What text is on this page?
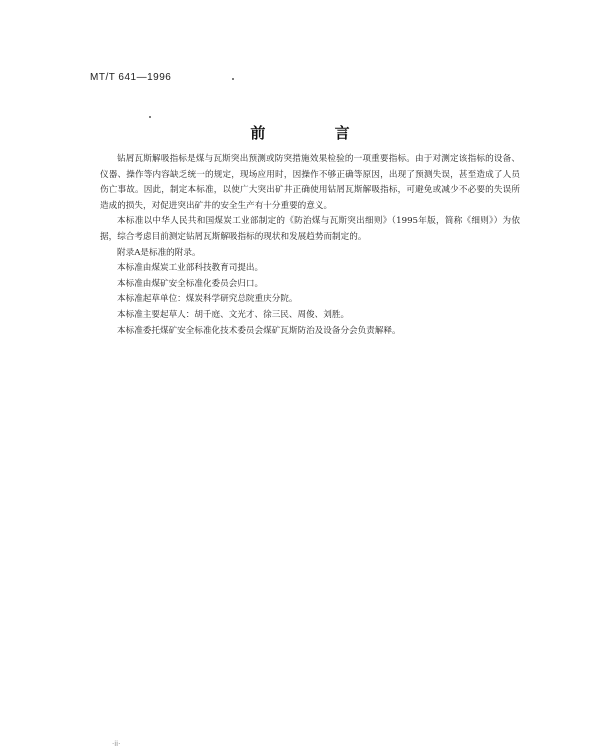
MT/T 641—1996
前 言

钻屑瓦斯解吸指标是煤与瓦斯突出预测或防突措施效果检验的一项重要指标。由于对测定该指标的设备、仪器、操作等内容缺乏统一的规定，现场应用时，因操作不够正确等原因，出现了预测失误，甚至造成了人员伤亡事故。因此，制定本标准，以使广大突出矿井正确使用钻屑瓦斯解吸指标，可避免或减少不必要的失误所造成的损失，对促进突出矿井的安全生产有十分重要的意义。

本标准以中华人民共和国煤炭工业部制定的《防治煤与瓦斯突出细则》（1995年版，简称《细则》）为依据，综合考虑目前测定钻屑瓦斯解吸指标的现状和发展趋势而制定的。

附录A是标准的附录。

本标准由煤炭工业部科技教育司提出。

本标准由煤矿安全标准化委员会归口。

本标准起草单位：煤炭科学研究总院重庆分院。

本标准主要起草人：胡千庭、文光才、徐三民、周俊、刘胜。

本标准委托煤矿安全标准化技术委员会煤矿瓦斯防治及设备分会负责解释。

·ii·
